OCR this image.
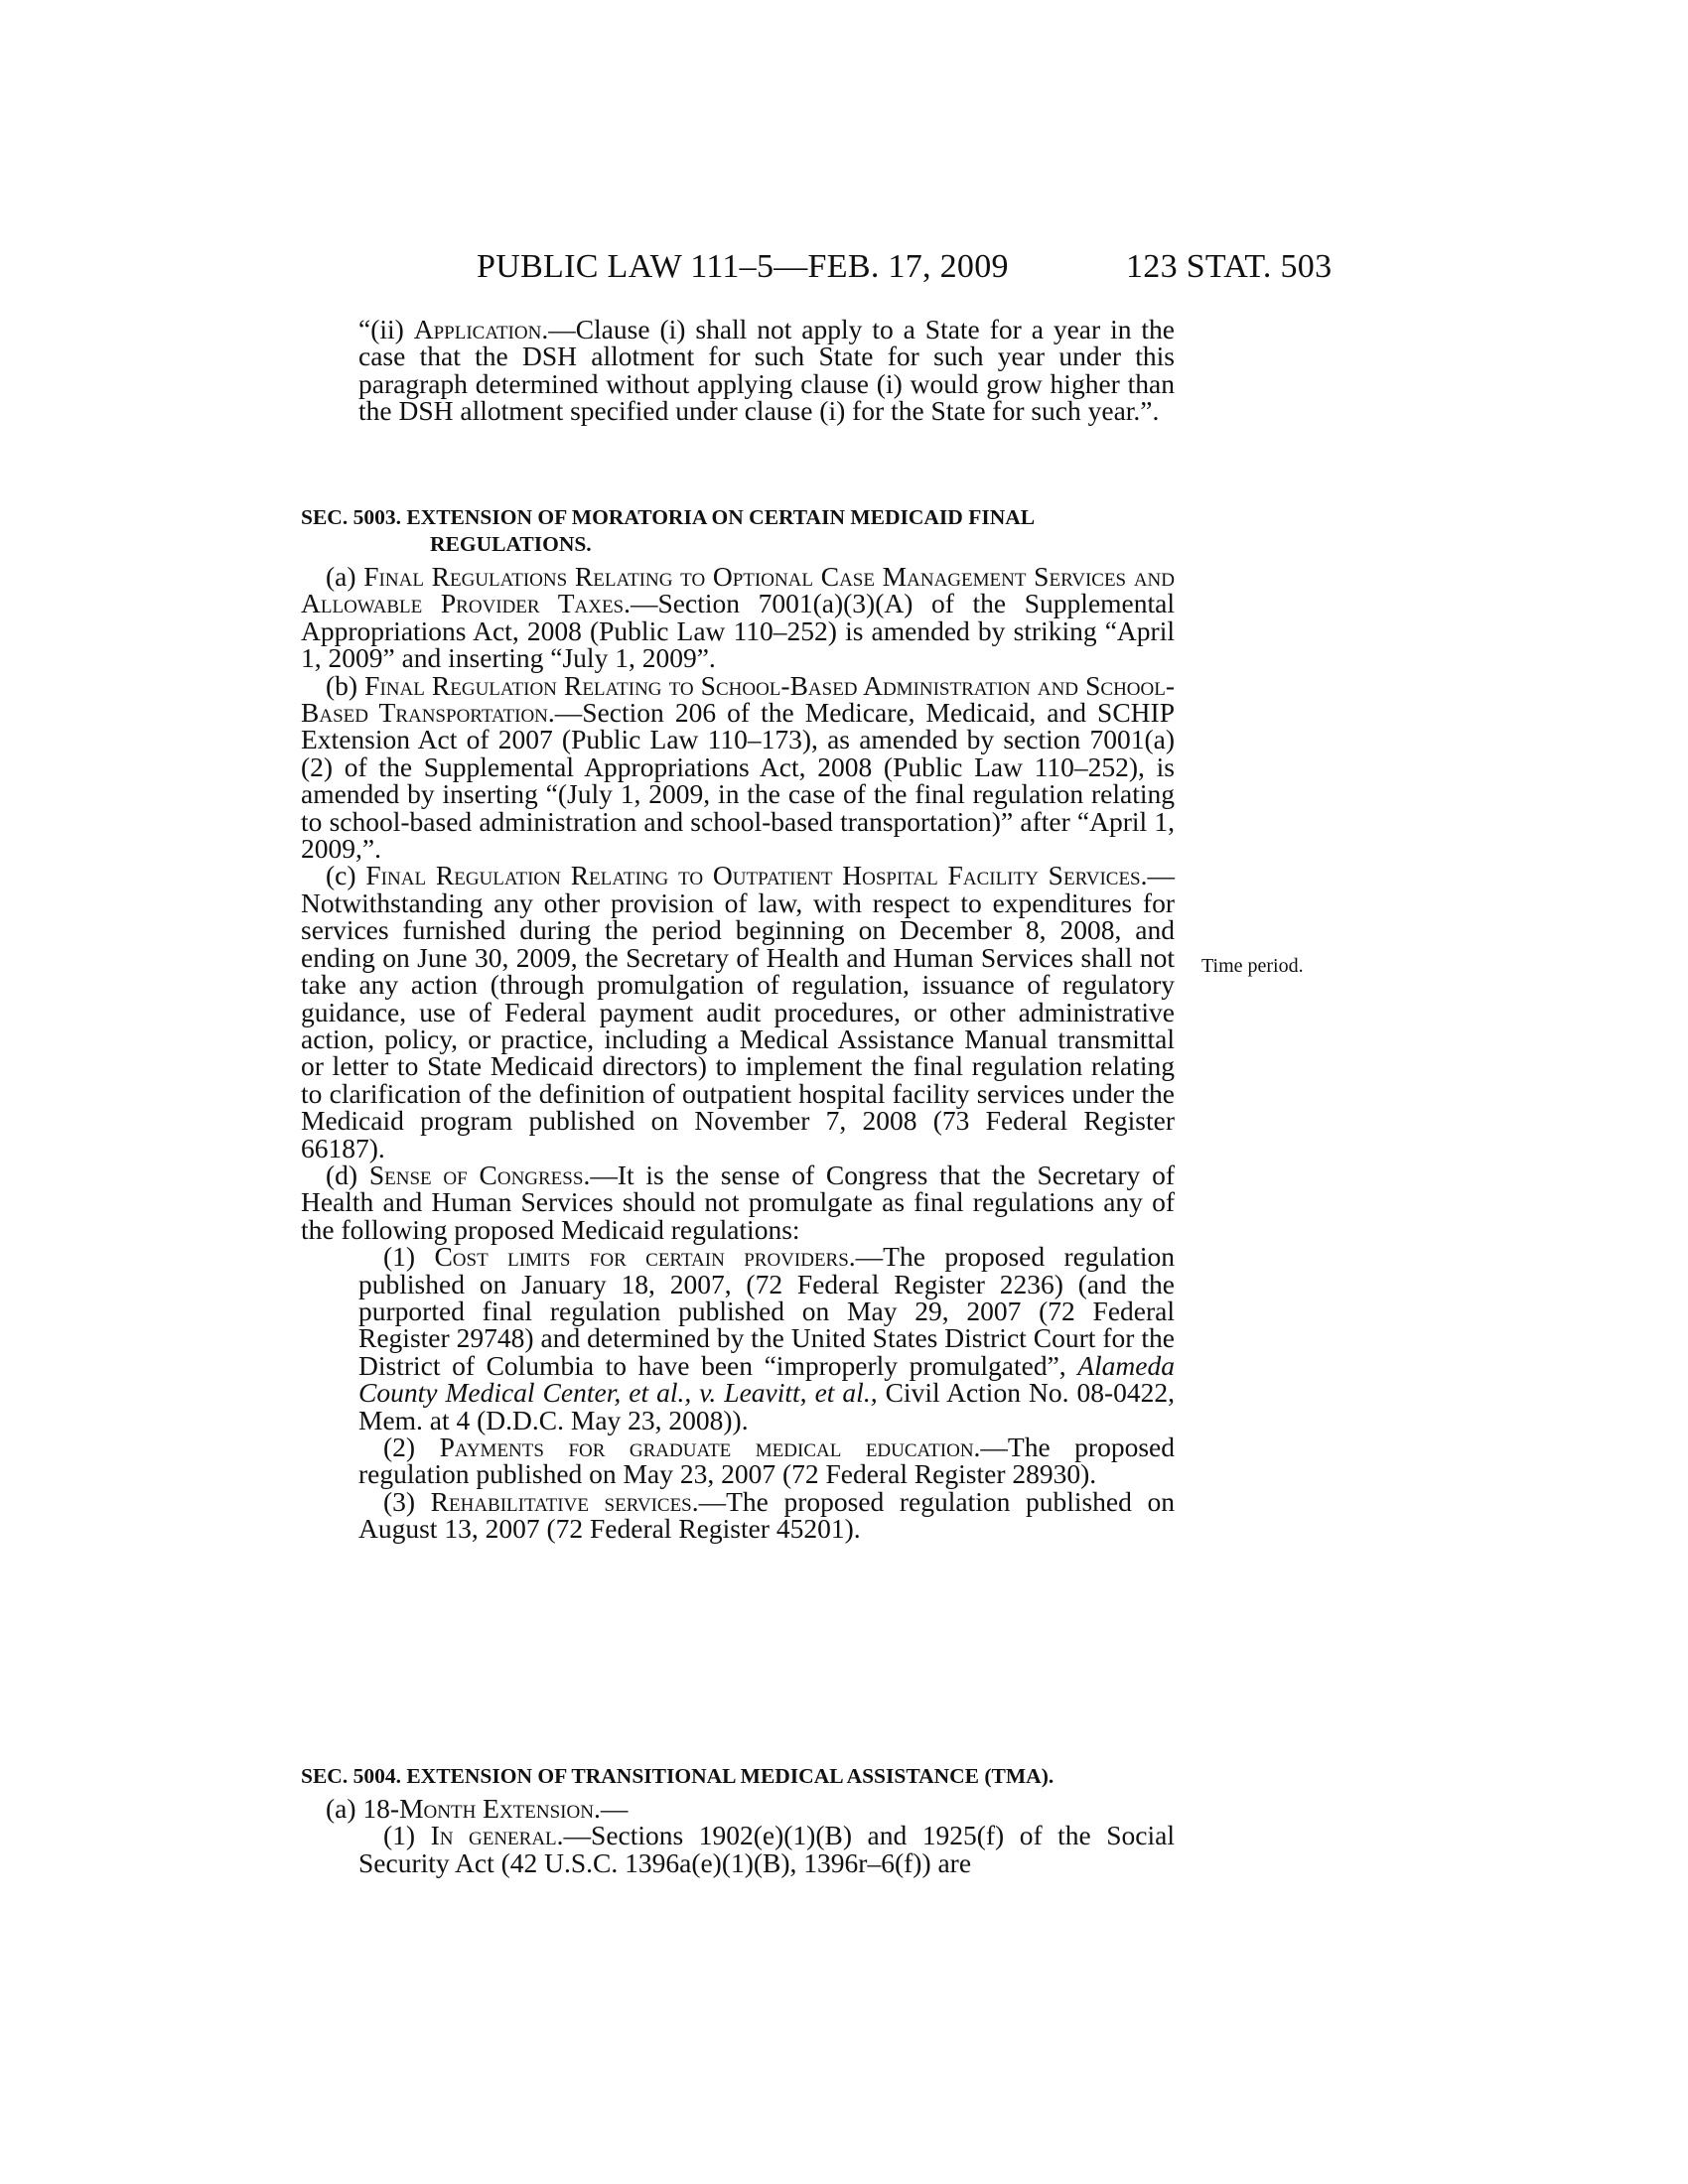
PUBLIC LAW 111–5—FEB. 17, 2009	123 STAT. 503

“(ii) Application.—Clause (i) shall not apply to a State for a year in the case that the DSH allotment for such State for such year under this paragraph determined without applying clause (i) would grow higher than the DSH allotment specified under clause (i) for the State for such year.”.

SEC. 5003. EXTENSION OF MORATORIA ON CERTAIN MEDICAID FINAL
REGULATIONS.

(a) Final Regulations Relating to Optional Case Management Services and Allowable Provider Taxes.—Section 7001(a)(3)(A) of the Supplemental Appropriations Act, 2008 (Public Law 110–252) is amended by striking “April 1, 2009” and inserting “July 1, 2009”.

(b) Final Regulation Relating to School-Based Administration and School-Based Transportation.—Section 206 of the Medicare, Medicaid, and SCHIP Extension Act of 2007 (Public Law 110–173), as amended by section 7001(a)(2) of the Supplemental Appropriations Act, 2008 (Public Law 110–252), is amended by inserting “(July 1, 2009, in the case of the final regulation relating to school-based administration and school-based transportation)” after “April 1, 2009,”.

(c) Final Regulation Relating to Outpatient Hospital Facility Services.—Notwithstanding any other provision of law, with respect to expenditures for services furnished during the period beginning on December 8, 2008, and ending on June 30, 2009, the Secretary of Health and Human Services shall not take any action (through promulgation of regulation, issuance of regulatory guidance, use of Federal payment audit procedures, or other administrative action, policy, or practice, including a Medical Assistance Manual transmittal or letter to State Medicaid directors) to implement the final regulation relating to clarification of the definition of outpatient hospital facility services under the Medicaid program published on November 7, 2008 (73 Federal Register 66187).

(d) Sense of Congress.—It is the sense of Congress that the Secretary of Health and Human Services should not promulgate as final regulations any of the following proposed Medicaid regulations:

(1) Cost limits for certain providers.—The proposed regulation published on January 18, 2007, (72 Federal Register 2236) (and the purported final regulation published on May 29, 2007 (72 Federal Register 29748) and determined by the United States District Court for the District of Columbia to have been “improperly promulgated”, Alameda County Medical Center, et al., v. Leavitt, et al., Civil Action No. 08-0422, Mem. at 4 (D.D.C. May 23, 2008)).

(2) Payments for graduate medical education.—The proposed regulation published on May 23, 2007 (72 Federal Register 28930).

(3) Rehabilitative services.—The proposed regulation published on August 13, 2007 (72 Federal Register 45201).

Time period.
SEC. 5004. EXTENSION OF TRANSITIONAL MEDICAL ASSISTANCE (TMA).

(a) 18-Month Extension.—

(1) In general.—Sections 1902(e)(1)(B) and 1925(f) of the Social Security Act (42 U.S.C. 1396a(e)(1)(B), 1396r–6(f)) are
